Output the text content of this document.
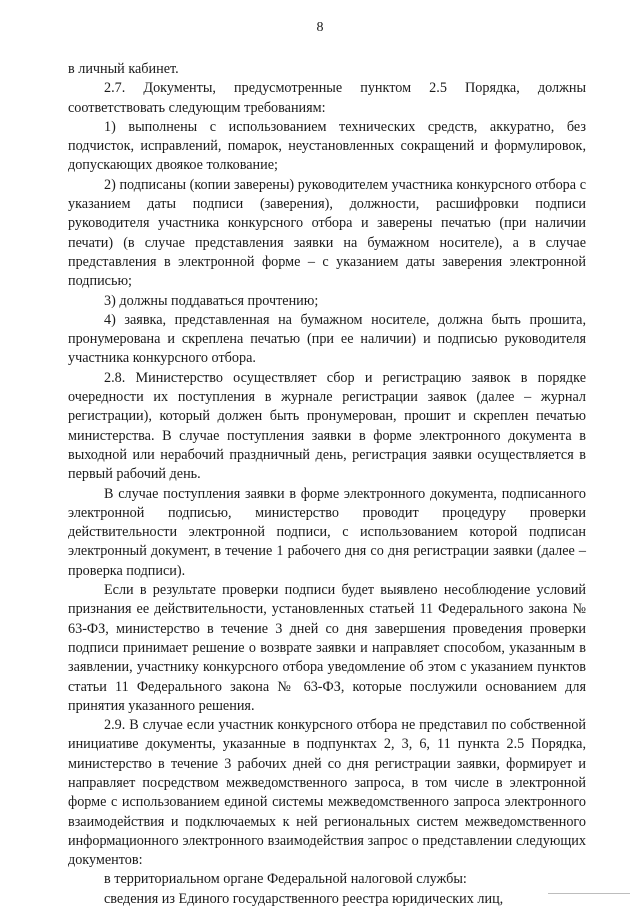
8

в личный кабинет.

2.7. Документы, предусмотренные пунктом 2.5 Порядка, должны соответствовать следующим требованиям:

1) выполнены с использованием технических средств, аккуратно, без подчисток, исправлений, помарок, неустановленных сокращений и формулировок, допускающих двоякое толкование;

2) подписаны (копии заверены) руководителем участника конкурсного отбора с указанием даты подписи (заверения), должности, расшифровки подписи руководителя участника конкурсного отбора и заверены печатью (при наличии печати) (в случае представления заявки на бумажном носителе), а в случае представления в электронной форме – с указанием даты заверения электронной подписью;

3) должны поддаваться прочтению;

4) заявка, представленная на бумажном носителе, должна быть прошита, пронумерована и скреплена печатью (при ее наличии) и подписью руководителя участника конкурсного отбора.

2.8. Министерство осуществляет сбор и регистрацию заявок в порядке очередности их поступления в журнале регистрации заявок (далее – журнал регистрации), который должен быть пронумерован, прошит и скреплен печатью министерства. В случае поступления заявки в форме электронного документа в выходной или нерабочий праздничный день, регистрация заявки осуществляется в первый рабочий день.

В случае поступления заявки в форме электронного документа, подписанного электронной подписью, министерство проводит процедуру проверки действительности электронной подписи, с использованием которой подписан электронный документ, в течение 1 рабочего дня со дня регистрации заявки (далее – проверка подписи).

Если в результате проверки подписи будет выявлено несоблюдение условий признания ее действительности, установленных статьей 11 Федерального закона № 63-ФЗ, министерство в течение 3 дней со дня завершения проведения проверки подписи принимает решение о возврате заявки и направляет способом, указанным в заявлении, участнику конкурсного отбора уведомление об этом с указанием пунктов статьи 11 Федерального закона № 63-ФЗ, которые послужили основанием для принятия указанного решения.

2.9. В случае если участник конкурсного отбора не представил по собственной инициативе документы, указанные в подпунктах 2, 3, 6, 11 пункта 2.5 Порядка, министерство в течение 3 рабочих дней со дня регистрации заявки, формирует и направляет посредством межведомственного запроса, в том числе в электронной форме с использованием единой системы межведомственного запроса электронного взаимодействия и подключаемых к ней региональных систем межведомственного информационного электронного взаимодействия запрос о представлении следующих документов:

в территориальном органе Федеральной налоговой службы:

сведения из Единого государственного реестра юридических лиц,
